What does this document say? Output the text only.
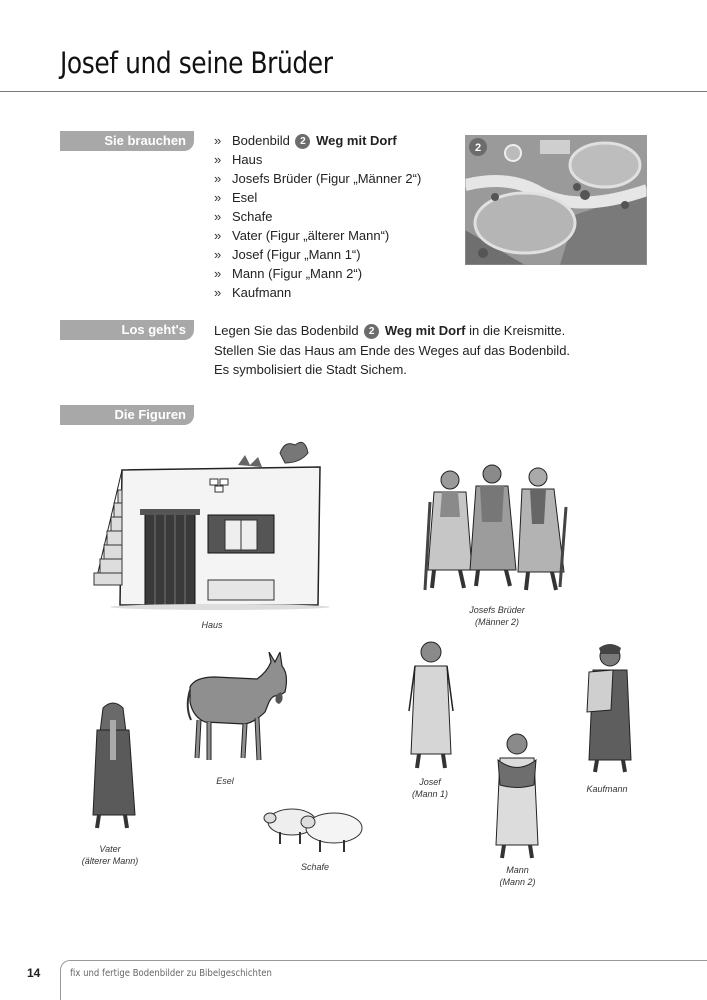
Josef und seine Brüder
Sie brauchen	» Bodenbild 2 Weg mit Dorf
» Haus
» Josefs Brüder (Figur „Männer 2“)
» Esel
» Schafe
» Vater (Figur „älterer Mann“)
» Josef (Figur „Mann 1“)
» Mann (Figur „Mann 2“)
» Kaufmann
2
Los geht's	Legen Sie das Bodenbild 2 Weg mit Dorf in die Kreismitte.
Stellen Sie das Haus am Ende des Weges auf das Bodenbild.
Es symbolisiert die Stadt Sichem.
Die Figuren
Haus
Josefs Brüder
(Männer 2)
Esel
Vater
(älterer Mann)
Schafe
Josef
(Mann 1)
Mann
(Mann 2)
Kaufmann
14	fix und fertige Bodenbilder zu Bibelgeschichten
